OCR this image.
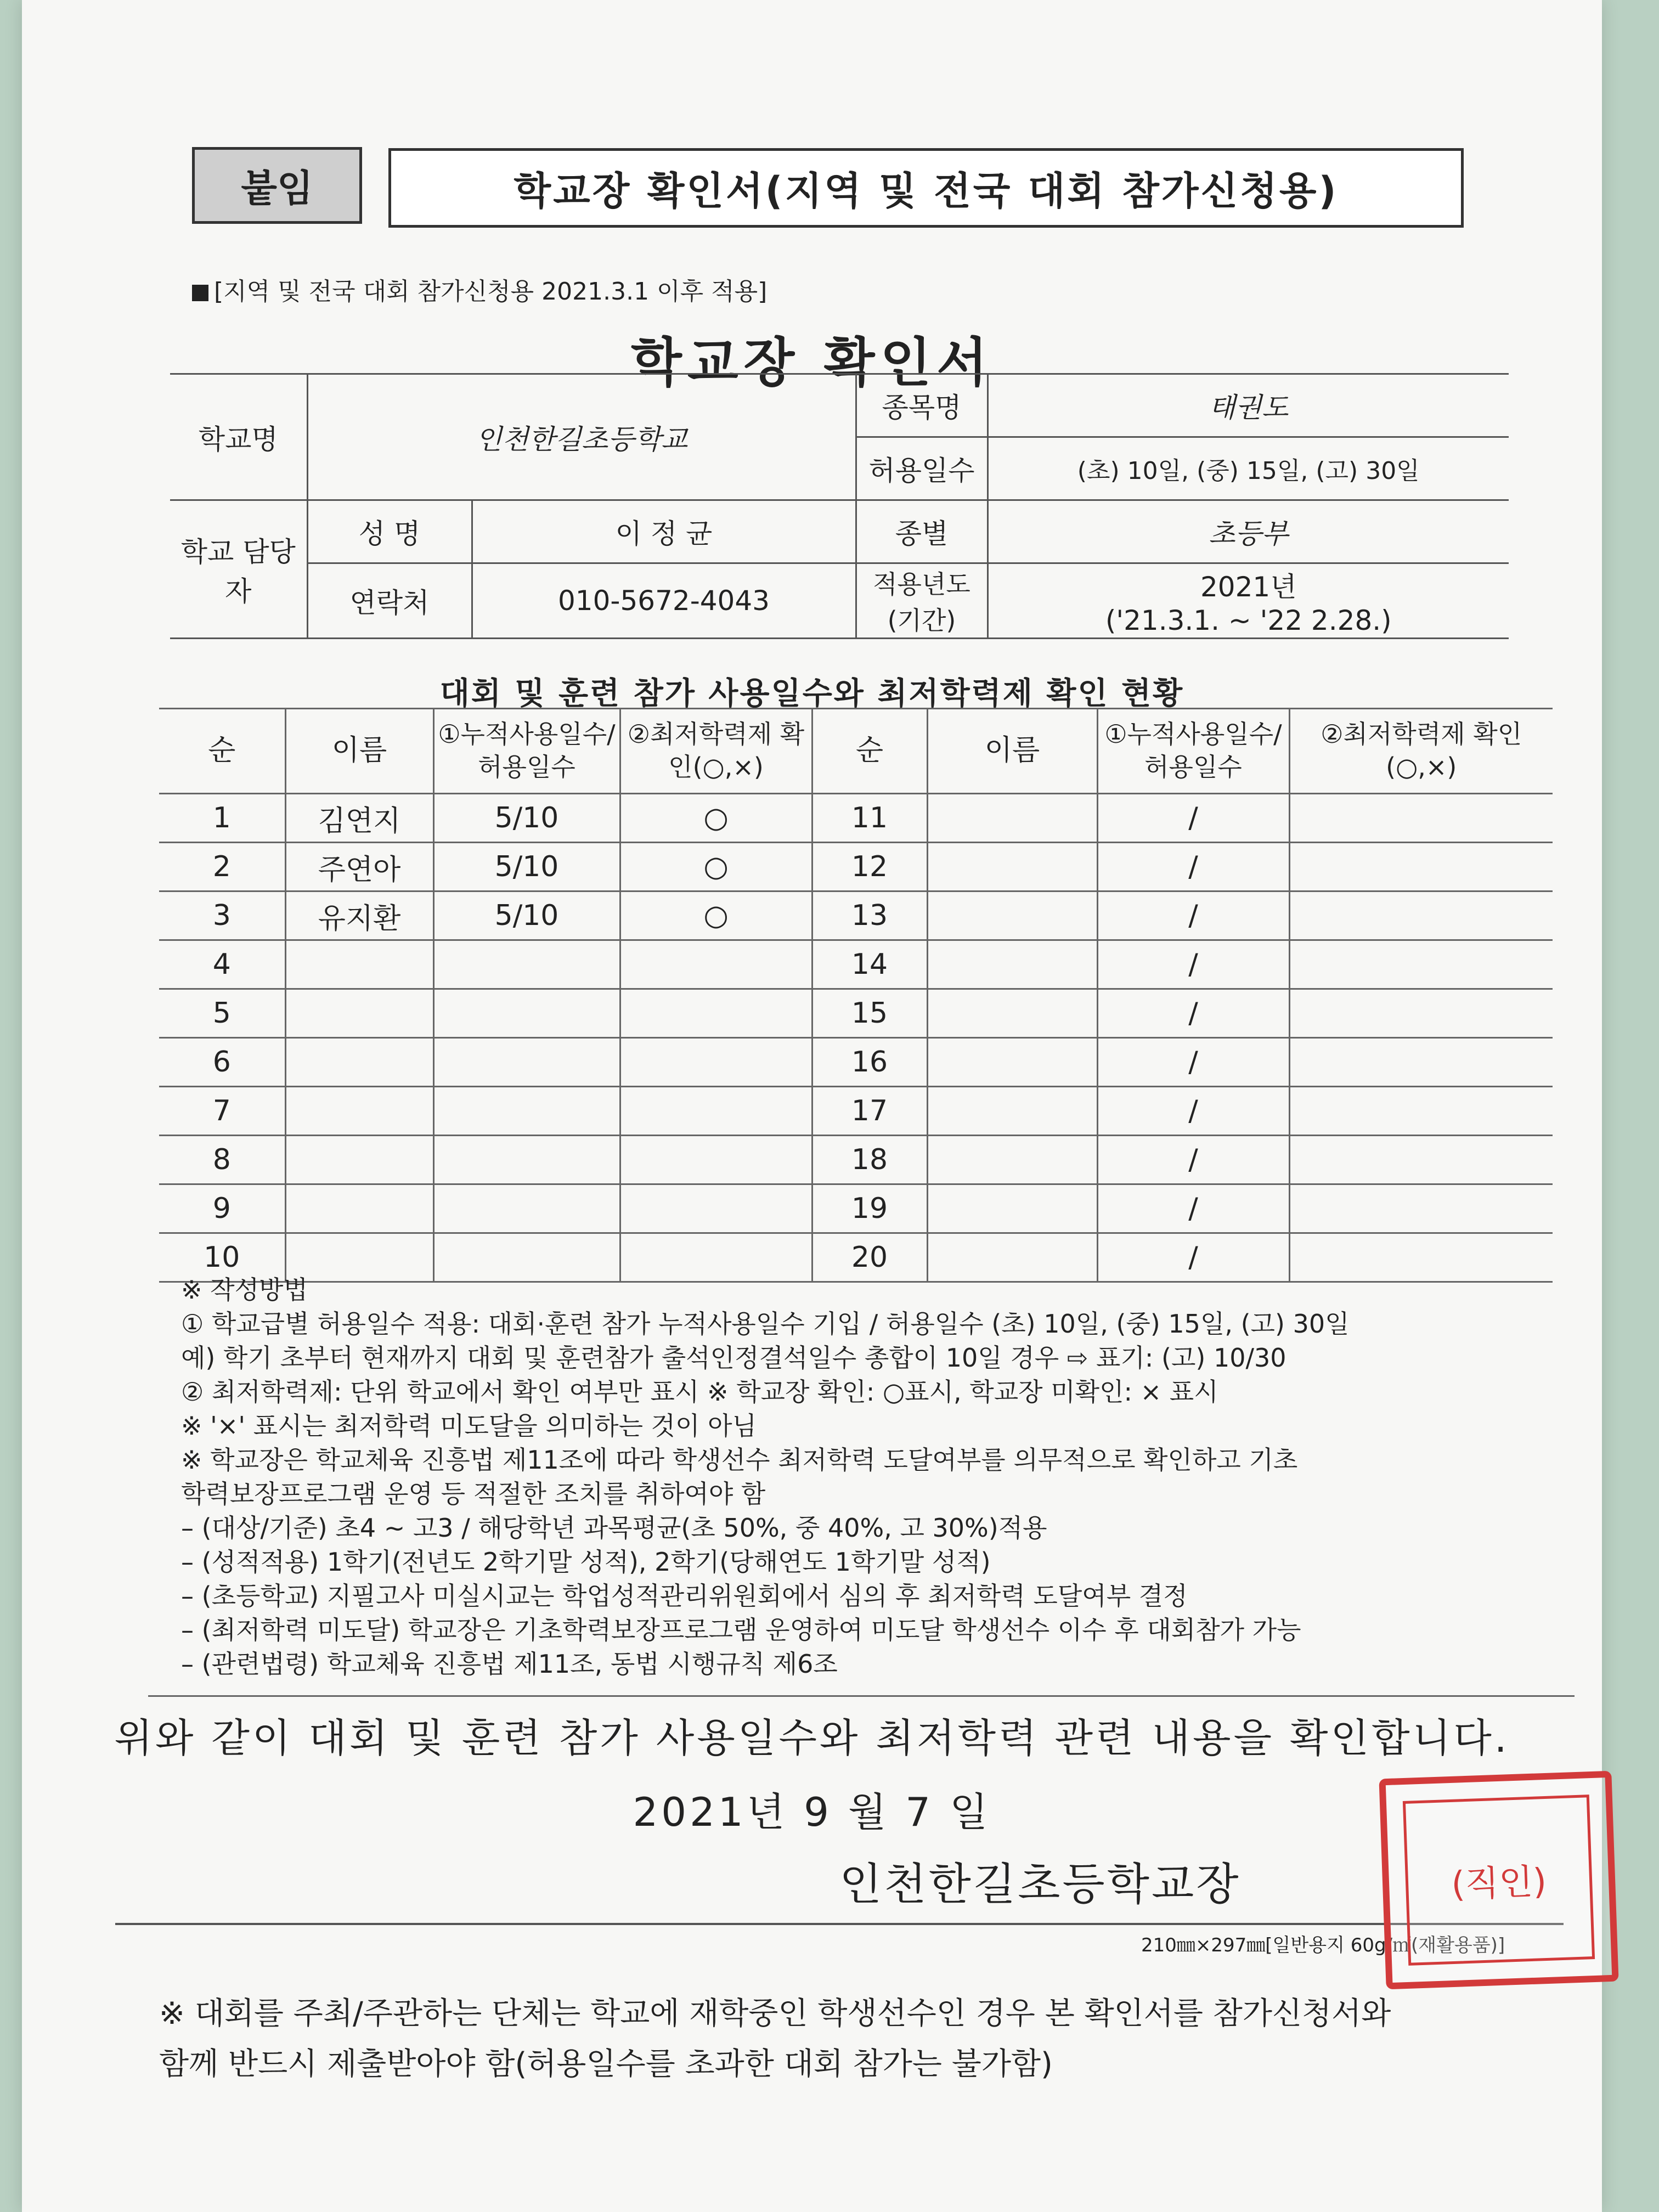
붙임	학교장 확인서(지역 및 전국 대회 참가신청용)
[지역 및 전국 대회 참가신청용 2021.3.1 이후 적용]
학교장 확인서
학교명	인천한길초등학교		종목명	태권도
			허용일수	(초) 10일, (중) 15일, (고) 30일
학교 담당자	성 명	이 정 균	종별	초등부
	연락처	010-5672-4043	적용년도 (기간)	2021년
('21.3.1. ~ '22 2.28.)
대회 및 훈련 참가 사용일수와 최저학력제 확인 현황
순	이름	①누적사용일수/허용일수	②최저학력제 확인(○,×)	순	이름	①누적사용일수/허용일수	②최저학력제 확인(○,×)
1	김연지	5/10	○	11		/	
2	주연아	5/10	○	12		/	
3	유지환	5/10	○	13		/	
4				14		/	
5				15		/	
6				16		/	
7				17		/	
8				18		/	
9				19		/	
10				20		/	
※ 작성방법
① 학교급별 허용일수 적용: 대회·훈련 참가 누적사용일수 기입 / 허용일수 (초) 10일, (중) 15일, (고) 30일
예) 학기 초부터 현재까지 대회 및 훈련참가 출석인정결석일수 총합이 10일 경우 ⇨ 표기: (고) 10/30
② 최저학력제: 단위 학교에서 확인 여부만 표시 ※ 학교장 확인: ○표시, 학교장 미확인: × 표시
※ '×' 표시는 최저학력 미도달을 의미하는 것이 아님
※ 학교장은 학교체육 진흥법 제11조에 따라 학생선수 최저학력 도달여부를 의무적으로 확인하고 기초
학력보장프로그램 운영 등 적절한 조치를 취하여야 함
– (대상/기준) 초4 ~ 고3 / 해당학년 과목평균(초 50%, 중 40%, 고 30%)적용
– (성적적용) 1학기(전년도 2학기말 성적), 2학기(당해연도 1학기말 성적)
– (초등학교) 지필고사 미실시교는 학업성적관리위원회에서 심의 후 최저학력 도달여부 결정
– (최저학력 미도달) 학교장은 기초학력보장프로그램 운영하여 미도달 학생선수 이수 후 대회참가 가능
– (관련법령) 학교체육 진흥법 제11조, 동법 시행규칙 제6조
위와 같이 대회 및 훈련 참가 사용일수와 최저학력 관련 내용을 확인합니다.
2021년 9 월 7 일
인천한길초등학교장
210㎜×297㎜[일반용지 60g/㎡(재활용품)]
(직인)
※ 대회를 주최/주관하는 단체는 학교에 재학중인 학생선수인 경우 본 확인서를 참가신청서와
함께 반드시 제출받아야 함(허용일수를 초과한 대회 참가는 불가함)
